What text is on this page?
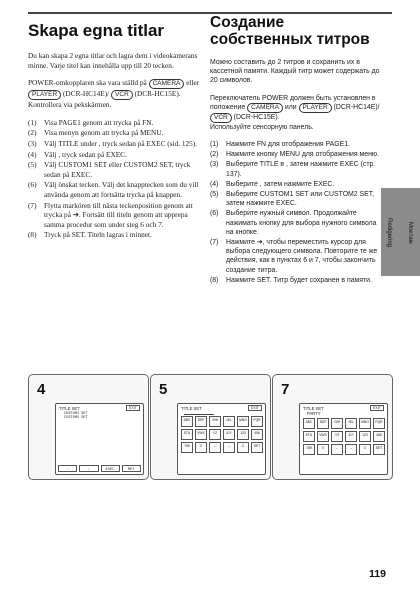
Skapa egna titlar

Du kan skapa 2 egna titlar och lagra dem i videokamerans minne. Varje titel kan innehålla upp till 20 tecken.

POWER-omkopplaren ska vara ställd på CAMERA eller PLAYER (DCR-HC14E)/ VCR (DCR-HC15E).
Kontrollera via pekskärmen.

(1) Visa PAGE1 genom att trycka på FN.
(2) Visa menyn genom att trycka på MENU.
(3) Välj TITLE under , tryck sedan på EXEC (sid. 125).
(4) Välj , tryck sedan på EXEC.
(5) Välj CUSTOM1 SET eller CUSTOM2 SET, tryck sedan på EXEC.
(6) Välj önskat tecken. Välj det knapptecken som du vill använda genom att fortsätta trycka på knappen.
(7) Flytta markören till nästa teckenposition genom att trycka på ➔. Fortsätt till titeln genom att upprepa samma procedur som under steg 6 och 7.
(8) Tryck på SET. Titeln lagras i minnet.
Создание собственных титров

Можно составить до 2 титров и сохранить их в кассетной памяти. Каждый титр может содержать до 20 символов.

Переключатель POWER должен быть установлен в положение CAMERA или PLAYER (DCR-HC14E)/ VCR (DCR-HC15E).
Используйте сенсорную панель.

(1) Нажмите FN для отображения PAGE1.
(2) Нажмите кнопку MENU для отображения меню.
(3) Выберите TITLE в , затем нажмите EXEC (стр. 137).
(4) Выберите , затем нажмите EXEC.
(5) Выберите CUSTOM1 SET или CUSTOM2 SET, затем нажмите EXEC.
(6) Выберите нужный символ. Продолжайте нажимать кнопку для выбора нужного символа на кнопке.
(7) Нажмите ➔, чтобы переместить курсор для выбора следующего символа. Повторите те же действия, как в пунктах 6 и 7, чтобы закончить создание титра.
(8) Нажмите SET. Титр будет сохранен в памяти.
Redigering	Монтаж
4
TITLE SET	EXIT
CUSTOM1 SET
CUSTOM2 SET
↑	↓	EXEC	RET.
5
TITLE SET	EXIT
ABC	DEF	GHI	JKL	MNO	PQR
STU	VWX	YZ	&?!	123	456
789	0	←	→	C	SET
7
TITLE SET	EXIT
PARTY
ABC	DEF	GHI	JKL	MNO	PQR
STU	VWX	YZ	&?!	123	456
789	0	←	→	C	SET
119
